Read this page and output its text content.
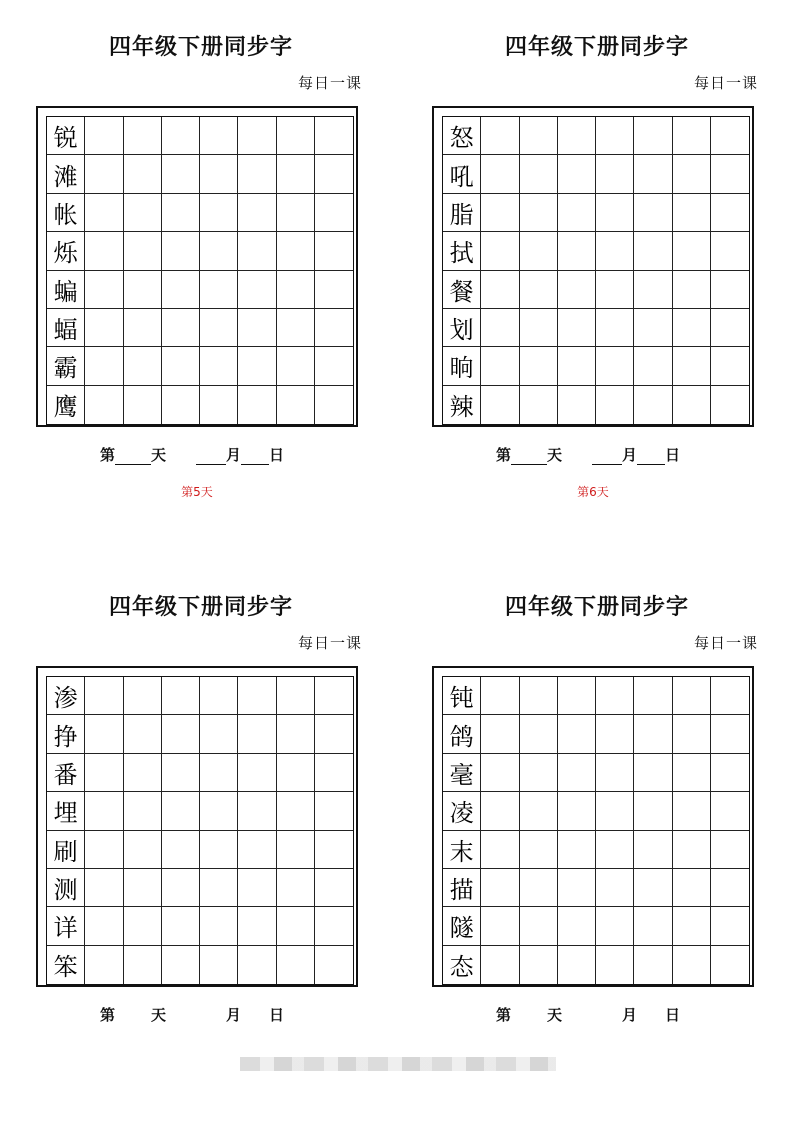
四年级下册同步字
每日一课
锐
滩
帐
烁
蝙
蝠
霸
鹰
第 天	月 日
第5天
四年级下册同步字
每日一课
怒
吼
脂
拭
餐
划
晌
辣
第 天	月 日
第6天
四年级下册同步字
每日一课
渗
挣
番
埋
刷
测
详
笨
第 天	月 日
四年级下册同步字
每日一课
钝
鸽
毫
凌
末
描
隧
态
第 天	月 日
